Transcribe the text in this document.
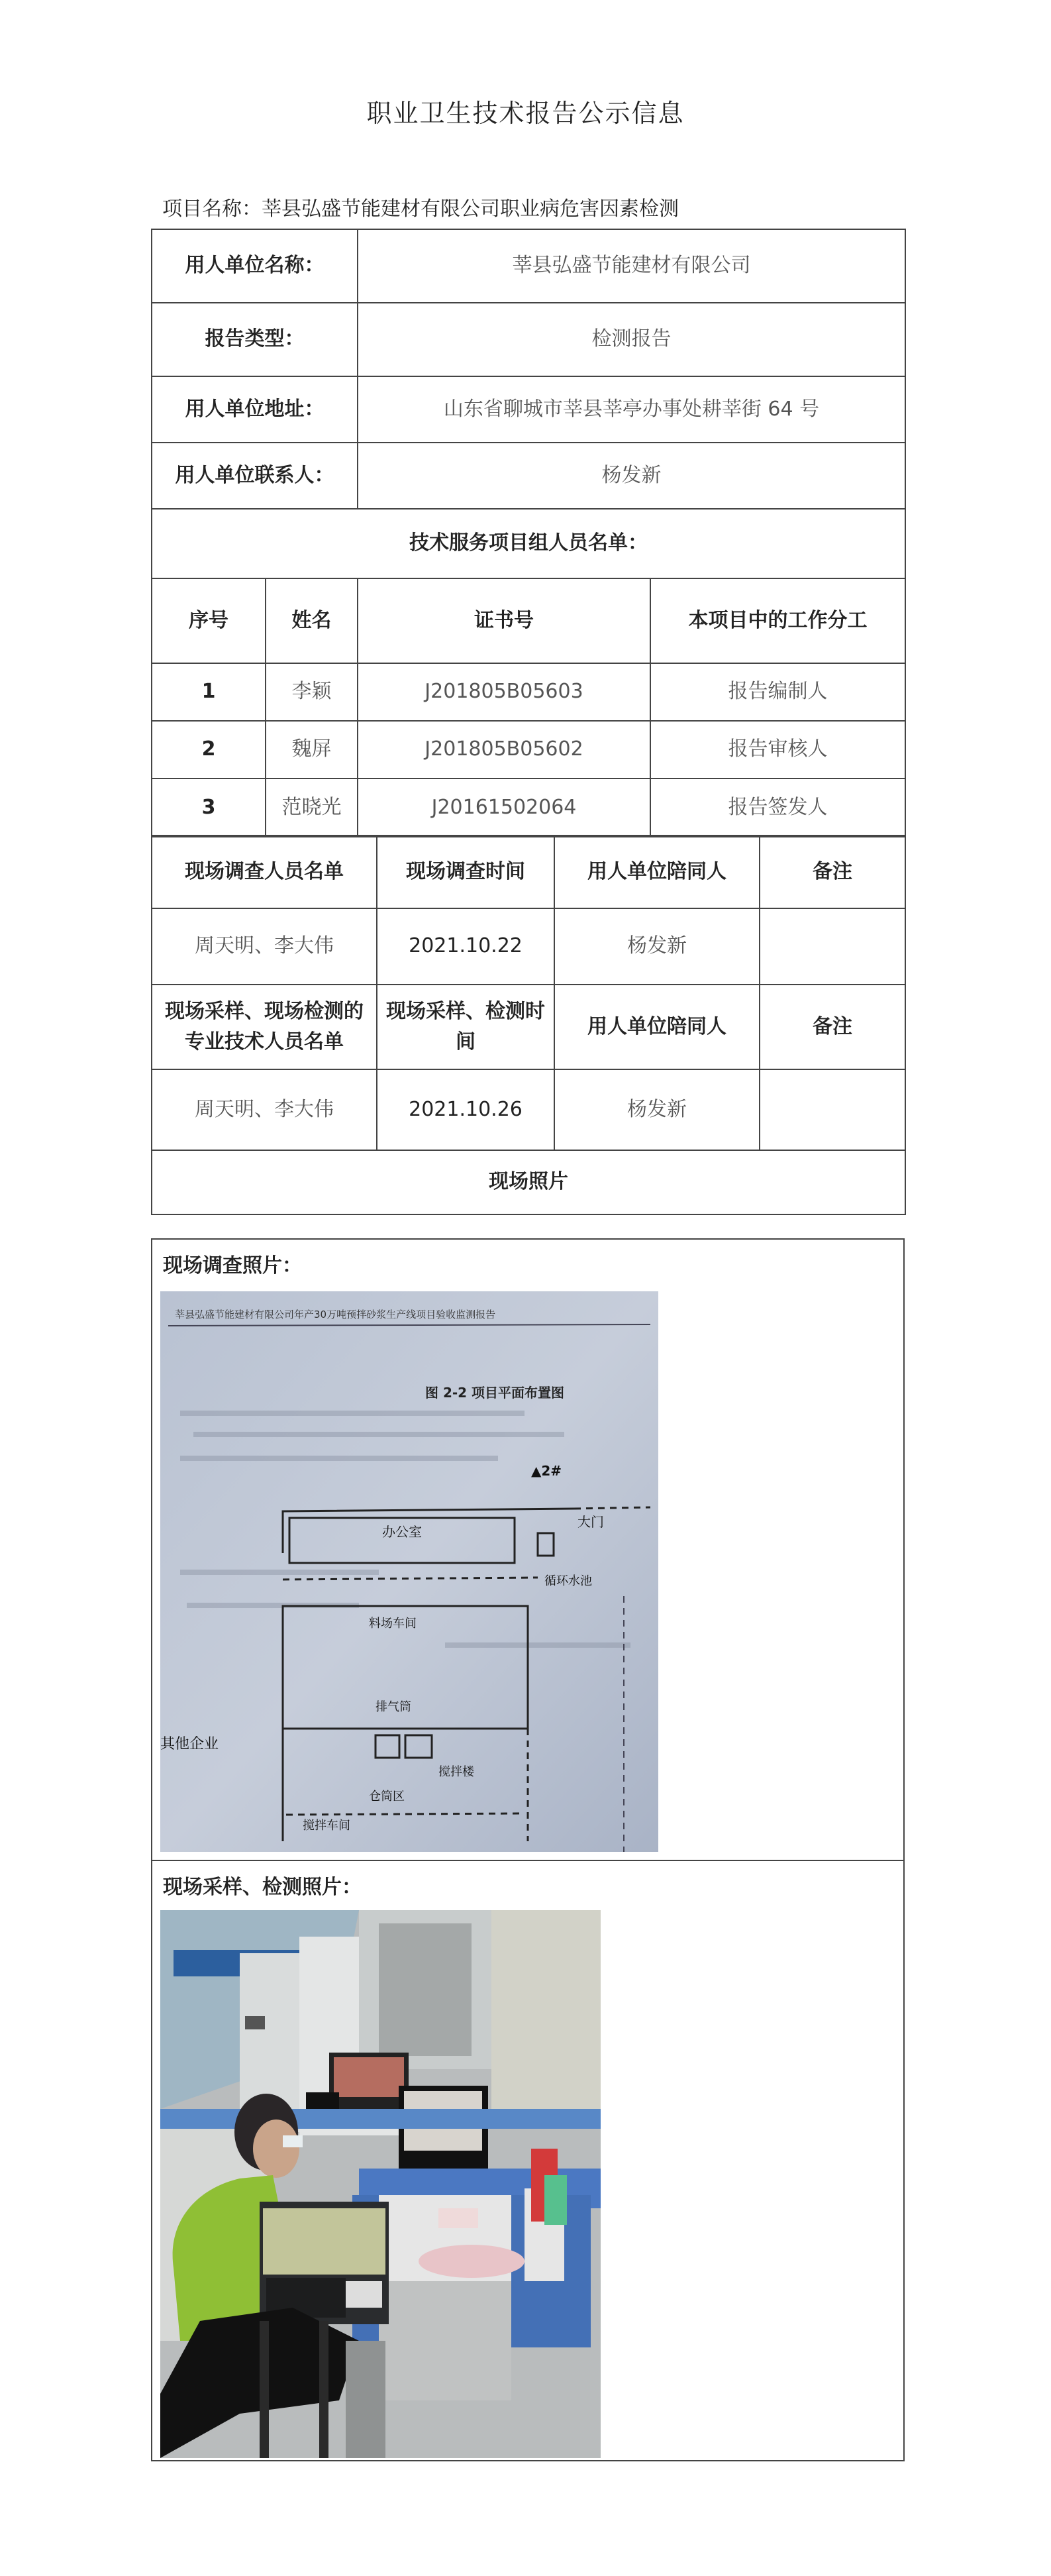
职业卫生技术报告公示信息
项目名称：莘县弘盛节能建材有限公司职业病危害因素检测
用人单位名称：		莘县弘盛节能建材有限公司	
报告类型：		检测报告	
用人单位地址：		山东省聊城市莘县莘亭办事处耕莘街 64 号	
用人单位联系人：		杨发新	
技术服务项目组人员名单：			
序号	姓名	证书号	本项目中的工作分工
1	李颖	J201805B05603	报告编制人
2	魏屏	J201805B05602	报告审核人
3	范晓光	J20161502064	报告签发人
现场调查人员名单	现场调查时间	用人单位陪同人	备注
周天明、李大伟	2021.10.22	杨发新	
现场采样、现场检测的专业技术人员名单	现场采样、检测时间	用人单位陪同人	备注
周天明、李大伟	2021.10.26	杨发新	
现场照片			
现场调查照片：
莘县弘盛节能建材有限公司年产30万吨预拌砂浆生产线项目验收监测报告
图 2-2 项目平面布置图
▲2#
大门
办公室
循环水池
料场车间
排气筒
搅拌楼
仓筒区
搅拌车间
其他企业
现场采样、检测照片：
